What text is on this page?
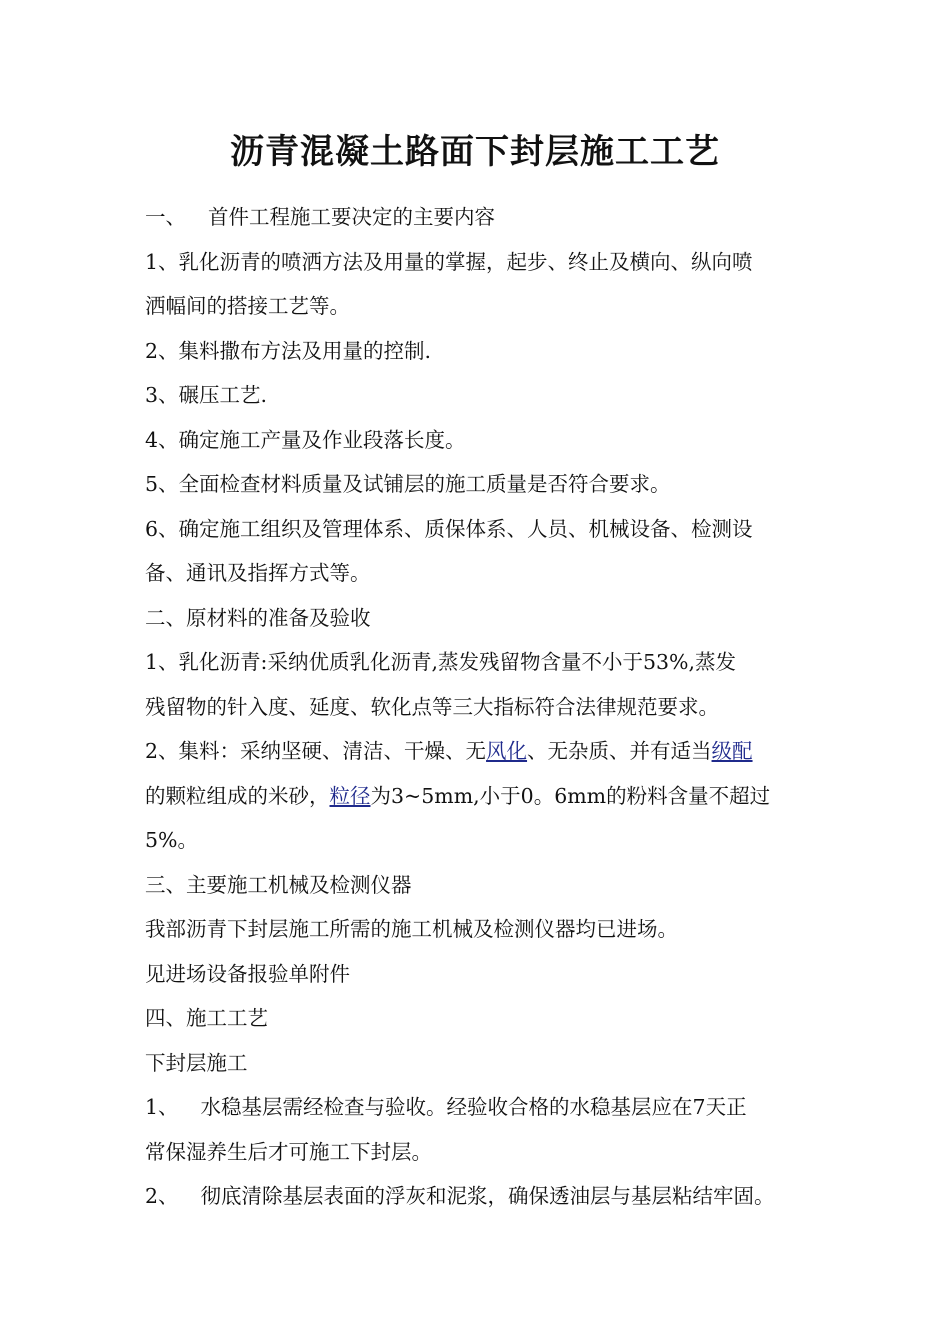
沥青混凝土路面下封层施工工艺
一、 首件工程施工要决定的主要内容
1、乳化沥青的喷洒方法及用量的掌握，起步、终止及横向、纵向喷
洒幅间的搭接工艺等。
2、集料撒布方法及用量的控制.
3、碾压工艺.
4、确定施工产量及作业段落长度。
5、全面检查材料质量及试铺层的施工质量是否符合要求。
6、确定施工组织及管理体系、质保体系、人员、机械设备、检测设
备、通讯及指挥方式等。
二、原材料的准备及验收
1、乳化沥青:采纳优质乳化沥青,蒸发残留物含量不小于53%,蒸发
残留物的针入度、延度、软化点等三大指标符合法律规范要求。
2、集料：采纳坚硬、清洁、干燥、无风化、无杂质、并有适当级配
的颗粒组成的米砂，粒径为3~5mm,小于0。6mm的粉料含量不超过
5%。
三、主要施工机械及检测仪器
我部沥青下封层施工所需的施工机械及检测仪器均已进场。
见进场设备报验单附件
四、施工工艺
下封层施工
1、 水稳基层需经检查与验收。经验收合格的水稳基层应在7天正
常保湿养生后才可施工下封层。
2、 彻底清除基层表面的浮灰和泥浆，确保透油层与基层粘结牢固。
